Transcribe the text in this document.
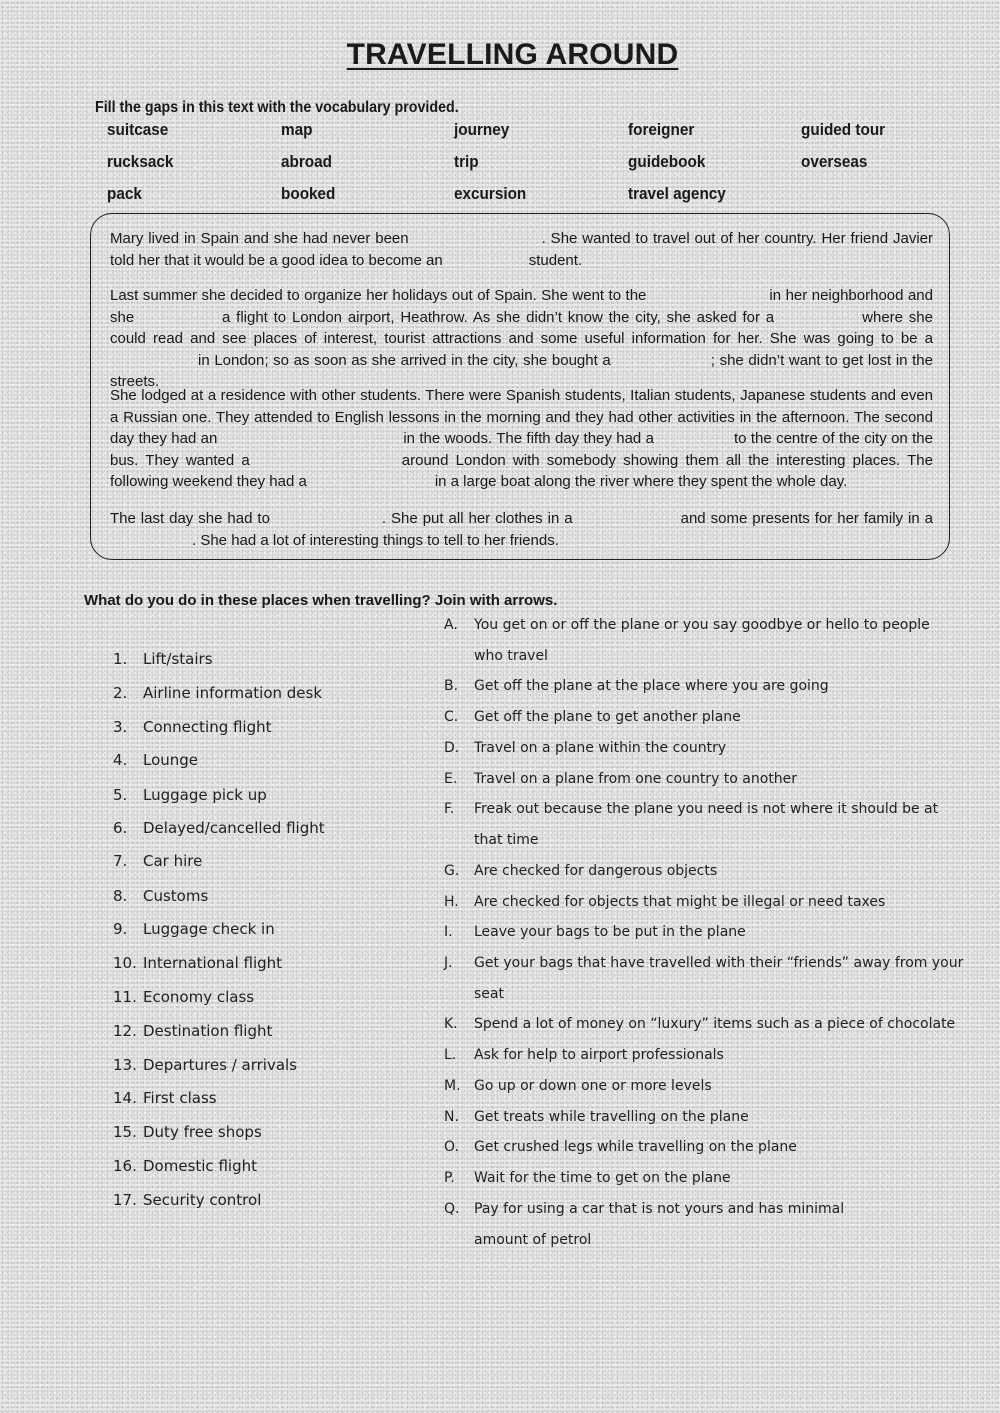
TRAVELLING AROUND
Fill the gaps in this text with the vocabulary provided.
suitcase	map	journey	foreigner	guided tour
rucksack	abroad	trip	guidebook	overseas
pack	booked	excursion	travel agency
Mary lived in Spain and she had never been	. She wanted to travel out of her country. Her friend Javier told her that it would be a good idea to become an	student.
Last summer she decided to organize her holidays out of Spain. She went to the	in her neighborhood and she	a flight to London airport, Heathrow. As she didn’t know the city, she asked for a	where she could read and see places of interest, tourist attractions and some useful information for her. She was going to be ain London; so as soon as she arrived in the city, she bought a	; she didn’t want to get lost in the streets.
She lodged at a residence with other students. There were Spanish students, Italian students, Japanese students and even a Russian one. They attended to English lessons in the morning and they had other activities in the afternoon. The second day they had an	in the woods. The fifth day they had a	to the centre of the city on the bus. They wanted a	around London with somebody showing them all the interesting places. The following weekend they had a	in a large boat along the river where they spent the whole day.
The last day she had to	. She put all her clothes in a	and some presents for her family in a. She had a lot of interesting things to tell to her friends.
What do you do in these places when travelling? Join with arrows.
1. Lift/stairs
2. Airline information desk
3. Connecting flight
4. Lounge
5. Luggage pick up
6. Delayed/cancelled flight
7. Car hire
8. Customs
9. Luggage check in
10. International flight
11. Economy class
12. Destination flight
13. Departures / arrivals
14. First class
15. Duty free shops
16. Domestic flight
17. Security control
A. You get on or off the plane or you say goodbye or hello to people
who travel
B. Get off the plane at the place where you are going
C. Get off the plane to get another plane
D. Travel on a plane within the country
E. Travel on a plane from one country to another
F. Freak out because the plane you need is not where it should be at
that time
G. Are checked for dangerous objects
H. Are checked for objects that might be illegal or need taxes
I. Leave your bags to be put in the plane
J. Get your bags that have travelled with their “friends” away from your
seat
K. Spend a lot of money on “luxury” items such as a piece of chocolate
L. Ask for help to airport professionals
M. Go up or down one or more levels
N. Get treats while travelling on the plane
O. Get crushed legs while travelling on the plane
P. Wait for the time to get on the plane
Q. Pay for using a car that is not yours and has minimal
amount of petrol
